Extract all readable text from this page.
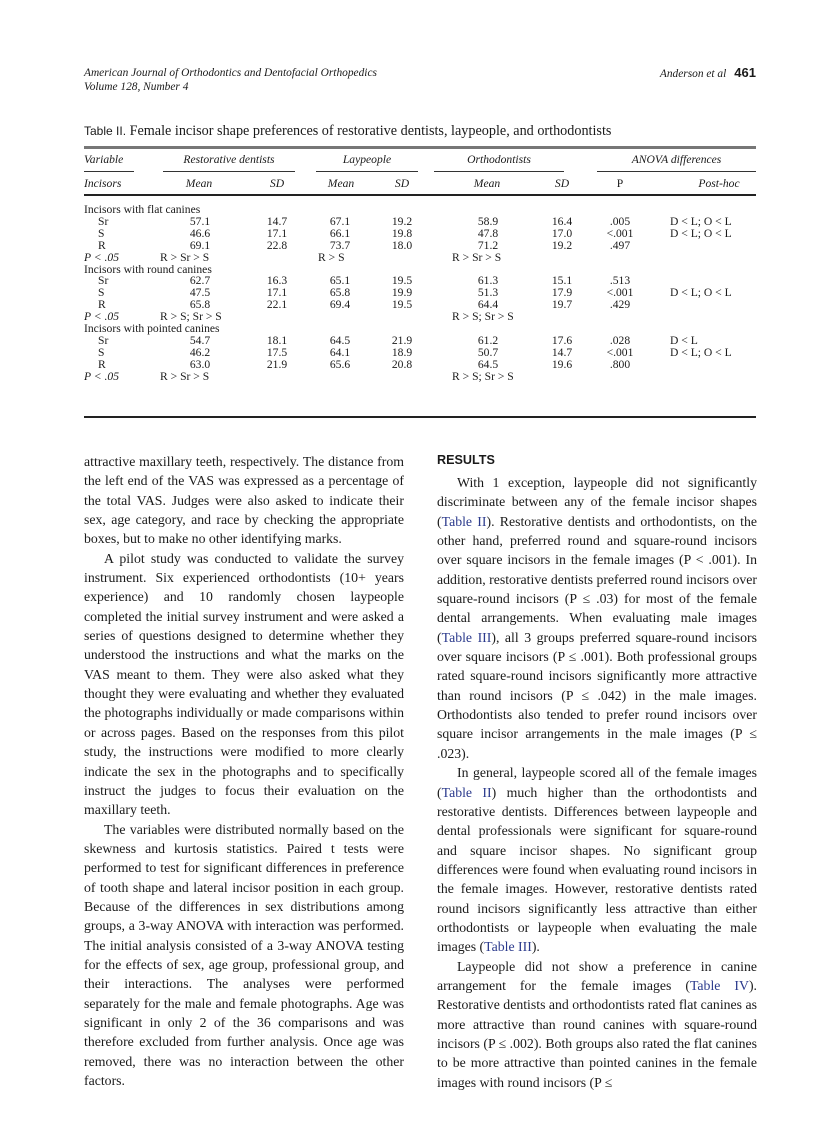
American Journal of Orthodontics and Dentofacial Orthopedics
Volume 128, Number 4
Anderson et al 461
Table II. Female incisor shape preferences of restorative dentists, laypeople, and orthodontists
Variable	Restorative dentists	Laypeople	Orthodontists	ANOVA differences
Incisors	Mean	SD	Mean	SD	Mean	SD	P	Post-hoc
Incisors with flat canines
Sr	57.1	14.7	67.1	19.2	58.9	16.4	.005	D < L; O < L
S	46.6	17.1	66.1	19.8	47.8	17.0	<.001	D < L; O < L
R	69.1	22.8	73.7	18.0	71.2	19.2	.497
P < .05	R > Sr > S	R > S	R > Sr > S
Incisors with round canines
Sr	62.7	16.3	65.1	19.5	61.3	15.1	.513
S	47.5	17.1	65.8	19.9	51.3	17.9	<.001	D < L; O < L
R	65.8	22.1	69.4	19.5	64.4	19.7	.429
P < .05	R > S; Sr > S	R > S; Sr > S
Incisors with pointed canines
Sr	54.7	18.1	64.5	21.9	61.2	17.6	.028	D < L
S	46.2	17.5	64.1	18.9	50.7	14.7	<.001	D < L; O < L
R	63.0	21.9	65.6	20.8	64.5	19.6	.800
P < .05	R > Sr > S	R > S; Sr > S

attractive maxillary teeth, respectively. The distance from the left end of the VAS was expressed as a percentage of the total VAS. Judges were also asked to indicate their sex, age category, and race by checking the appropriate boxes, but to make no other identifying marks.

A pilot study was conducted to validate the survey instrument. Six experienced orthodontists (10+ years experience) and 10 randomly chosen laypeople completed the initial survey instrument and were asked a series of questions designed to determine whether they understood the instructions and what the marks on the VAS meant to them. They were also asked what they thought they were evaluating and whether they evaluated the photographs individually or made comparisons within or across pages. Based on the responses from this pilot study, the instructions were modified to more clearly indicate the sex in the photographs and to specifically instruct the judges to focus their evaluation on the maxillary teeth.

The variables were distributed normally based on the skewness and kurtosis statistics. Paired t tests were performed to test for significant differences in preference of tooth shape and lateral incisor position in each group. Because of the differences in sex distributions among groups, a 3-way ANOVA with interaction was performed. The initial analysis consisted of a 3-way ANOVA testing for the effects of sex, age group, professional group, and their interactions. The analyses were performed separately for the male and female photographs. Age was significant in only 2 of the 36 comparisons and was therefore excluded from further analysis. Once age was removed, there was no interaction between the other factors.

RESULTS

With 1 exception, laypeople did not significantly discriminate between any of the female incisor shapes (Table II). Restorative dentists and orthodontists, on the other hand, preferred round and square-round incisors over square incisors in the female images (P < .001). In addition, restorative dentists preferred round incisors over square-round incisors (P ≤ .03) for most of the female dental arrangements. When evaluating male images (Table III), all 3 groups preferred square-round incisors over square incisors (P ≤ .001). Both professional groups rated square-round incisors significantly more attractive than round incisors (P ≤ .042) in the male images. Orthodontists also tended to prefer round incisors over square incisor arrangements in the male images (P ≤ .023).

In general, laypeople scored all of the female images (Table II) much higher than the orthodontists and restorative dentists. Differences between laypeople and dental professionals were significant for square-round and square incisor shapes. No significant group differences were found when evaluating round incisors in the female images. However, restorative dentists rated round incisors significantly less attractive than either orthodontists or laypeople when evaluating the male images (Table III).

Laypeople did not show a preference in canine arrangement for the female images (Table IV). Restorative dentists and orthodontists rated flat canines as more attractive than round canines with square-round incisors (P ≤ .002). Both groups also rated the flat canines to be more attractive than pointed canines in the female images with round incisors (P ≤
